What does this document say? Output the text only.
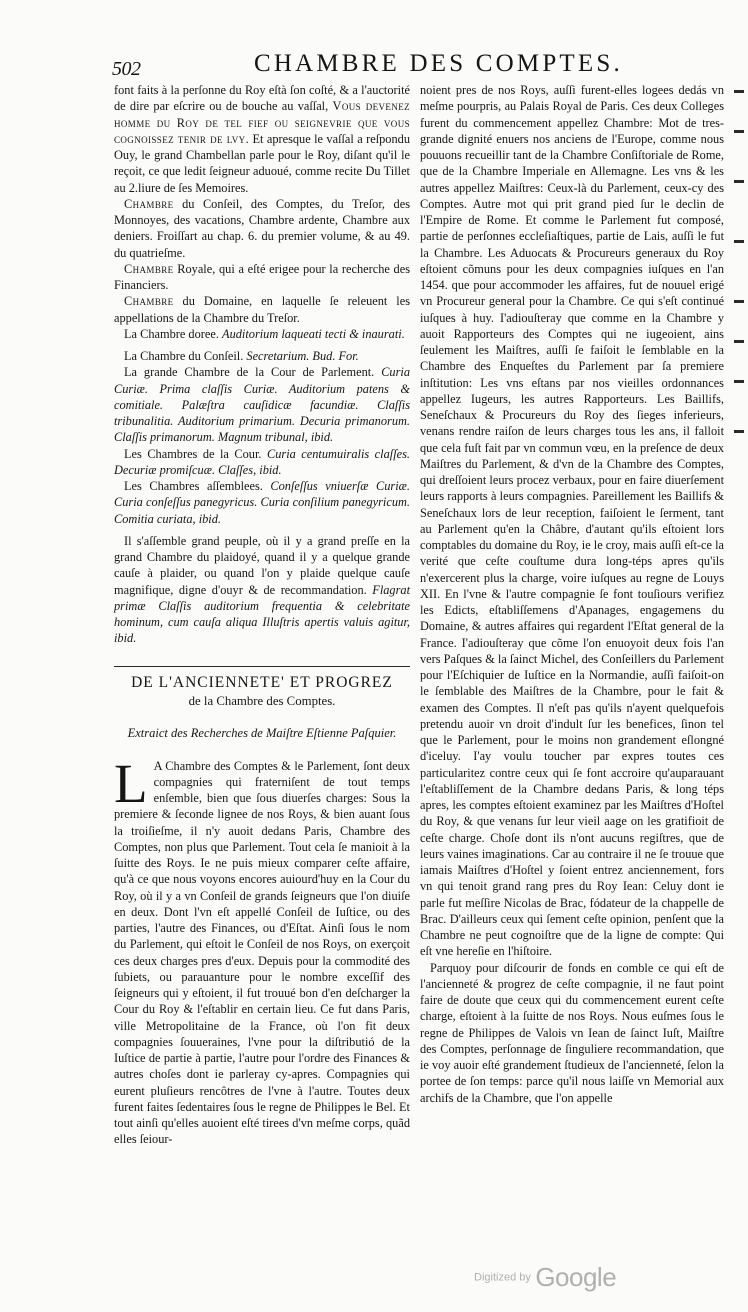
502	CHAMBRE DES COMPTES.

font faits à la perſonne du Roy eſtà ſon coſté, & a l'auctorité de dire par eſcrire ou de bouche au vaſſal, Vous devenez homme du Roy de tel fief ou seignevrie que vous cognoissez tenir de lvy. Et apresque le vaſſal a reſpondu Ouy, le grand Chambellan parle pour le Roy, diſant qu'il le reçoit, ce que ledit ſeigneur aduoué, comme recite Du Tillet au 2.liure de ſes Memoires.

Chambre du Conſeil, des Comptes, du Treſor, des Monnoyes, des vacations, Chambre ardente, Chambre aux deniers. Froiſſart au chap. 6. du premier volume, & au 49. du quatrieſme.

Chambre Royale, qui a eſté erigee pour la recherche des Financiers.

Chambre du Domaine, en laquelle ſe releuent les appellations de la Chambre du Treſor.

La Chambre doree. Auditorium laqueati tecti & inaurati.

La Chambre du Conſeil. Secretarium. Bud. For.

La grande Chambre de la Cour de Parlement. Curia Curiæ. Prima claſſis Curiæ. Auditorium patens & comitiale. Palæſtra cauſidicæ facundiæ. Claſſis tribunalitia. Auditorium primarium. Decuria primanorum. Claſſis primanorum. Magnum tribunal, ibid.

Les Chambres de la Cour. Curia centumuiralis claſſes. Decuriæ promiſcuæ. Claſſes, ibid.

Les Chambres aſſemblees. Conſeſſus vniuerſæ Curiæ. Curia conſeſſus panegyricus. Curia conſilium panegyricum. Comitia curiata, ibid.

Il s'aſſemble grand peuple, où il y a grand preſſe en la grand Chambre du plaidoyé, quand il y a quelque grande cauſe à plaider, ou quand l'on y plaide quelque cauſe magnifique, digne d'ouyr & de recommandation. Flagrat primæ Claſſis auditorium frequentia & celebritate hominum, cum cauſa aliqua Illuſtris apertis valuis agitur, ibid.

DE L'ANCIENNETE' ET PROGREZ
de la Chambre des Comptes.
Extraict des Recherches de Maiſtre Eſtienne Paſquier.

L A Chambre des Comptes & le Parlement, ſont deux compagnies qui fraterniſent de tout temps enſemble, bien que ſous diuerſes charges: Sous la premiere & ſeconde lignee de nos Roys, & bien auant ſous la troiſieſme, il n'y auoit dedans Paris, Chambre des Comptes, non plus que Parlement. Tout cela ſe manioit à la ſuitte des Roys. Ie ne puis mieux comparer ceſte affaire, qu'à ce que nous voyons encores auiourd'huy en la Cour du Roy, où il y a vn Conſeil de grands ſeigneurs que l'on diuiſe en deux. Dont l'vn eſt appellé Conſeil de Iuſtice, ou des parties, l'autre des Finances, ou d'Eſtat. Ainſi ſous le nom du Parlement, qui eſtoit le Conſeil de nos Roys, on exerçoit ces deux charges pres d'eux. Depuis pour la commodité des ſubiets, ou parauanture pour le nombre exceſſif des ſeigneurs qui y eſtoient, il fut trouué bon d'en deſcharger la Cour du Roy & l'eſtablir en certain lieu. Ce fut dans Paris, ville Metropolitaine de la France, où l'on fit deux compagnies ſouueraines, l'vne pour la diſtributió de la Iuſtice de partie à partie, l'autre pour l'ordre des Finances & autres choſes dont ie parleray cy-apres. Compagnies qui eurent pluſieurs rencôtres de l'vne à l'autre. Toutes deux furent faites ſedentaires ſous le regne de Philippes le Bel. Et tout ainſi qu'elles auoient eſté tirees d'vn meſme corps, quãd elles ſeiour-

noient pres de nos Roys, auſſi furent-elles logees dedás vn meſme pourpris, au Palais Royal de Paris. Ces deux Colleges furent du commencement appellez Chambre: Mot de tres-grande dignité enuers nos anciens de l'Europe, comme nous pouuons recueillir tant de la Chambre Conſiſtoriale de Rome, que de la Chambre Imperiale en Allemagne. Les vns & les autres appellez Maiſtres: Ceux-là du Parlement, ceux-cy des Comptes. Autre mot qui prit grand pied ſur le declin de l'Empire de Rome. Et comme le Parlement fut composé, partie de perſonnes eccleſiaſtiques, partie de Lais, auſſi le fut la Chambre. Les Aduocats & Procureurs generaux du Roy eſtoient cõmuns pour les deux compagnies iuſques en l'an 1454. que pour accommoder les affaires, fut de nouuel erigé vn Procureur general pour la Chambre. Ce qui s'eſt continué iuſques à huy. I'adiouſteray que comme en la Chambre y auoit Rapporteurs des Comptes qui ne iugeoient, ains ſeulement les Maiſtres, auſſi ſe faiſoit le ſemblable en la Chambre des Enqueſtes du Parlement par ſa premiere inſtitution: Les vns eſtans par nos vieilles ordonnances appellez Iugeurs, les autres Rapporteurs. Les Baillifs, Seneſchaux & Procureurs du Roy des ſieges inferieurs, venans rendre raiſon de leurs charges tous les ans, il falloit que cela fuſt fait par vn commun vœu, en la preſence de deux Maiſtres du Parlement, & d'vn de la Chambre des Comptes, qui dreſſoient leurs procez verbaux, pour en faire diuerſement leurs rapports à leurs compagnies. Pareillement les Baillifs & Seneſchaux lors de leur reception, faiſoient le ſerment, tant au Parlement qu'en la Châbre, d'autant qu'ils eſtoient lors comptables du domaine du Roy, ie le croy, mais auſſi eſt-ce la verité que ceſte couſtume dura long-téps apres qu'ils n'exercerent plus la charge, voire iuſques au regne de Louys XII. En l'vne & l'autre compagnie ſe font touſiours verifiez les Edicts, eſtabliſſemens d'Apanages, engagemens du Domaine, & autres affaires qui regardent l'Eſtat general de la France. I'adiouſteray que cõme l'on enuoyoit deux fois l'an vers Paſques & la ſainct Michel, des Conſeillers du Parlement pour l'Eſchiquier de Iuſtice en la Normandie, auſſi faiſoit-on le ſemblable des Maiſtres de la Chambre, pour le fait & examen des Comptes. Il n'eſt pas qu'ils n'ayent quelquefois pretendu auoir vn droit d'indult ſur les benefices, ſinon tel que le Parlement, pour le moins non grandement eſlongné d'iceluy. I'ay voulu toucher par expres toutes ces particularitez contre ceux qui ſe font accroire qu'auparauant l'eſtabliſſement de la Chambre dedans Paris, & long téps apres, les comptes eſtoient examinez par les Maiſtres d'Hoſtel du Roy, & que venans ſur leur vieil aage on les gratifioit de ceſte charge. Choſe dont ils n'ont aucuns regiſtres, que de leurs vaines imaginations. Car au contraire il ne ſe trouue que iamais Maiſtres d'Hoſtel y ſoient entrez anciennement, fors vn qui tenoit grand rang pres du Roy Iean: Celuy dont ie parle fut meſſire Nicolas de Brac, fódateur de la chappelle de Brac. D'ailleurs ceux qui ſement ceſte opinion, penſent que la Chambre ne peut cognoiſtre que de la ligne de compte: Qui eſt vne hereſie en l'hiſtoire.

Parquoy pour diſcourir de fonds en comble ce qui eſt de l'ancienneté & progrez de ceſte compagnie, il ne faut point faire de doute que ceux qui du commencement eurent ceſte charge, eſtoient à la ſuitte de nos Roys. Nous euſmes ſous le regne de Philippes de Valois vn Iean de ſainct Iuſt, Maiſtre des Comptes, perſonnage de ſinguliere recommandation, que ie voy auoir eſté grandement ſtudieux de l'ancienneté, ſelon la portee de ſon temps: parce qu'il nous laiſſe vn Memorial aux archifs de la Chambre, que l'on appelle

Digitized by Google
